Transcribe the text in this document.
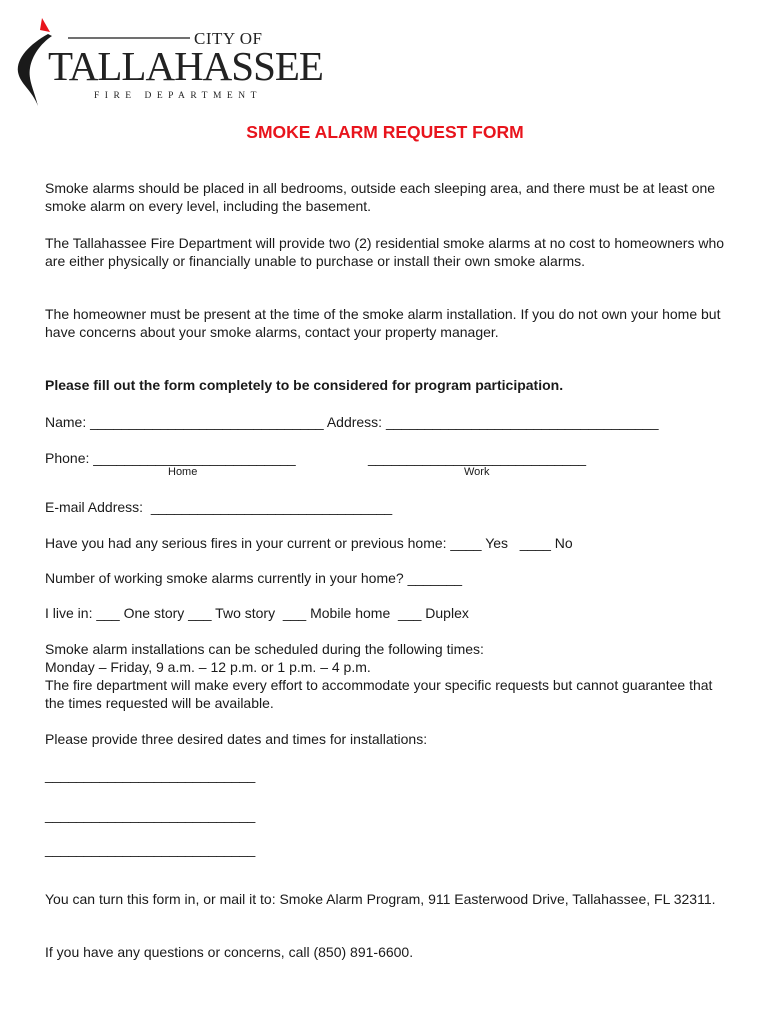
CITY OF
TALLAHASSEE
FIRE DEPARTMENT
SMOKE ALARM REQUEST FORM

Smoke alarms should be placed in all bedrooms, outside each sleeping area, and there must be at least one smoke alarm on every level, including the basement.

The Tallahassee Fire Department will provide two (2) residential smoke alarms at no cost to homeowners who are either physically or financially unable to purchase or install their own smoke alarms.

The homeowner must be present at the time of the smoke alarm installation. If you do not own your home but have concerns about your smoke alarms, contact your property manager.

Please fill out the form completely to be considered for program participation.

Name: ______________________________ Address: ___________________________________
Phone: __________________________	____________________________
Home	Work
E-mail Address:  _______________________________
Have you had any serious fires in your current or previous home: ____ Yes   ____ No
Number of working smoke alarms currently in your home? _______
I live in: ___ One story ___ Two story  ___ Mobile home  ___ Duplex
Smoke alarm installations can be scheduled during the following times:
Monday – Friday, 9 a.m. – 12 p.m. or 1 p.m. – 4 p.m.

The fire department will make every effort to accommodate your specific requests but cannot guarantee that the times requested will be available.

Please provide three desired dates and times for installations:
___________________________
___________________________
___________________________

You can turn this form in, or mail it to: Smoke Alarm Program, 911 Easterwood Drive, Tallahassee, FL 32311.

If you have any questions or concerns, call (850) 891-6600.
